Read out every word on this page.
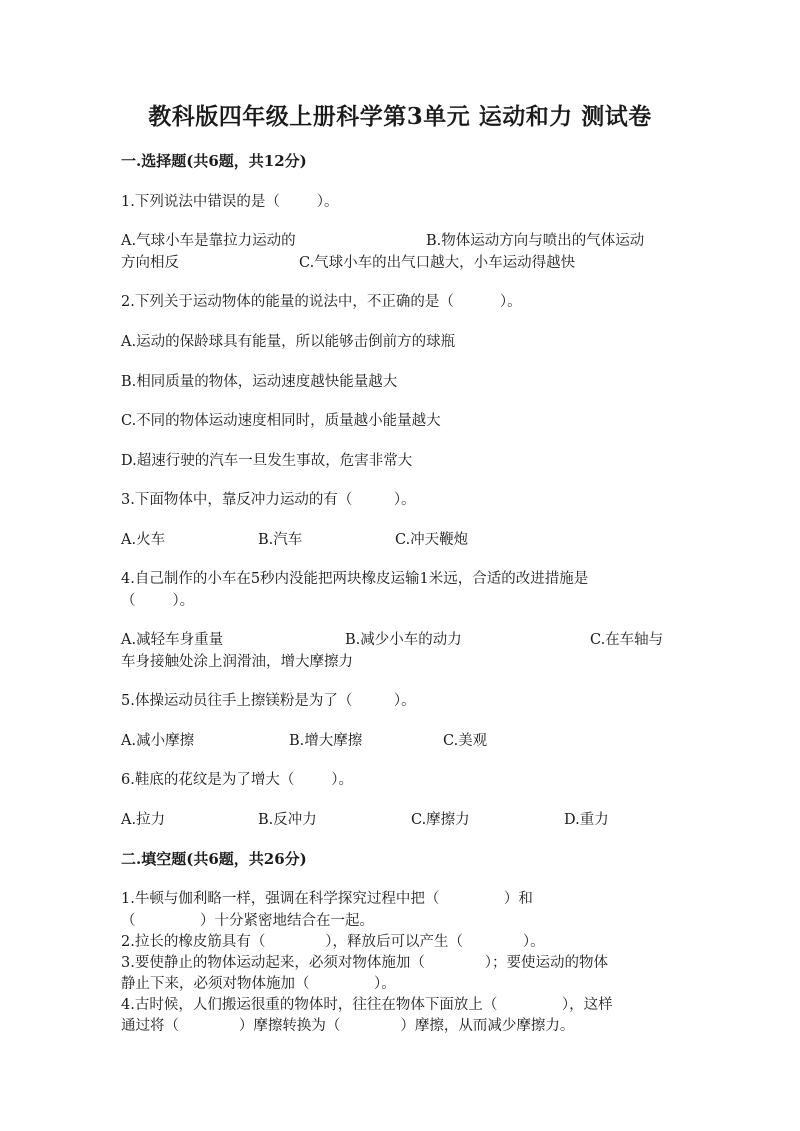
教科版四年级上册科学第3单元 运动和力 测试卷
一.选择题(共6题，共12分)
1.下列说法中错误的是（        ）。
A.气球小车是靠拉力运动的	B.物体运动方向与喷出的气体运动
方向相反	C.气球小车的出气口越大，小车运动得越快
2.下列关于运动物体的能量的说法中，不正确的是（          ）。
A.运动的保龄球具有能量，所以能够击倒前方的球瓶
B.相同质量的物体，运动速度越快能量越大
C.不同的物体运动速度相同时，质量越小能量越大
D.超速行驶的汽车一旦发生事故，危害非常大
3.下面物体中，靠反冲力运动的有（         ）。
A.火车	B.汽车	C.冲天鞭炮
4.自己制作的小车在5秒内没能把两块橡皮运输1米远，合适的改进措施是
（        ）。
A.减轻车身重量	B.减少小车的动力	C.在车轴与
车身接触处涂上润滑油，增大摩擦力
5.体操运动员往手上擦镁粉是为了（         ）。
A.减小摩擦	B.增大摩擦	C.美观
6.鞋底的花纹是为了增大（        ）。
A.拉力	B.反冲力	C.摩擦力	D.重力
二.填空题(共6题，共26分)
1.牛顿与伽利略一样，强调在科学探究过程中把（              ）和
（              ）十分紧密地结合在一起。
2.拉长的橡皮筋具有（             ），释放后可以产生（             ）。
3.要使静止的物体运动起来，必须对物体施加（             ）；要使运动的物体
静止下来，必须对物体施加（              ）。
4.古时候，人们搬运很重的物体时，往往在物体下面放上（              ），这样
通过将（             ）摩擦转换为（             ）摩擦，从而减少摩擦力。
